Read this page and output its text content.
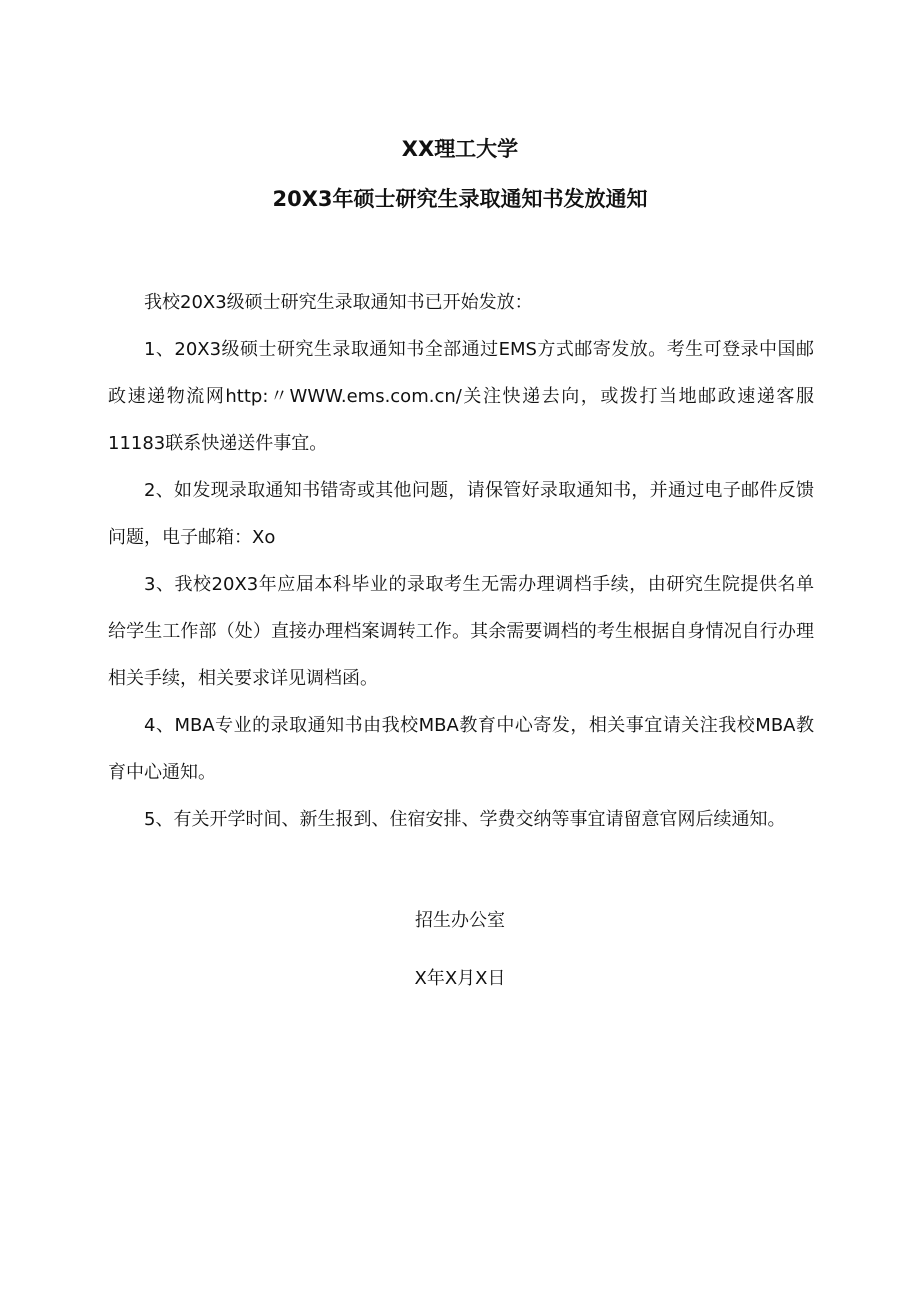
XX理工大学
20X3年硕士研究生录取通知书发放通知

我校20X3级硕士研究生录取通知书已开始发放：

1、20X3级硕士研究生录取通知书全部通过EMS方式邮寄发放。考生可登录中国邮政速递物流网http:〃WWW.ems.com.cn/关注快递去向，或拨打当地邮政速递客服11183联系快递送件事宜。

2、如发现录取通知书错寄或其他问题，请保管好录取通知书，并通过电子邮件反馈问题，电子邮箱：Xo

3、我校20X3年应届本科毕业的录取考生无需办理调档手续，由研究生院提供名单给学生工作部（处）直接办理档案调转工作。其余需要调档的考生根据自身情况自行办理相关手续，相关要求详见调档函。

4、MBA专业的录取通知书由我校MBA教育中心寄发，相关事宜请关注我校MBA教育中心通知。

5、有关开学时间、新生报到、住宿安排、学费交纳等事宜请留意官网后续通知。

招生办公室

X年X月X日
